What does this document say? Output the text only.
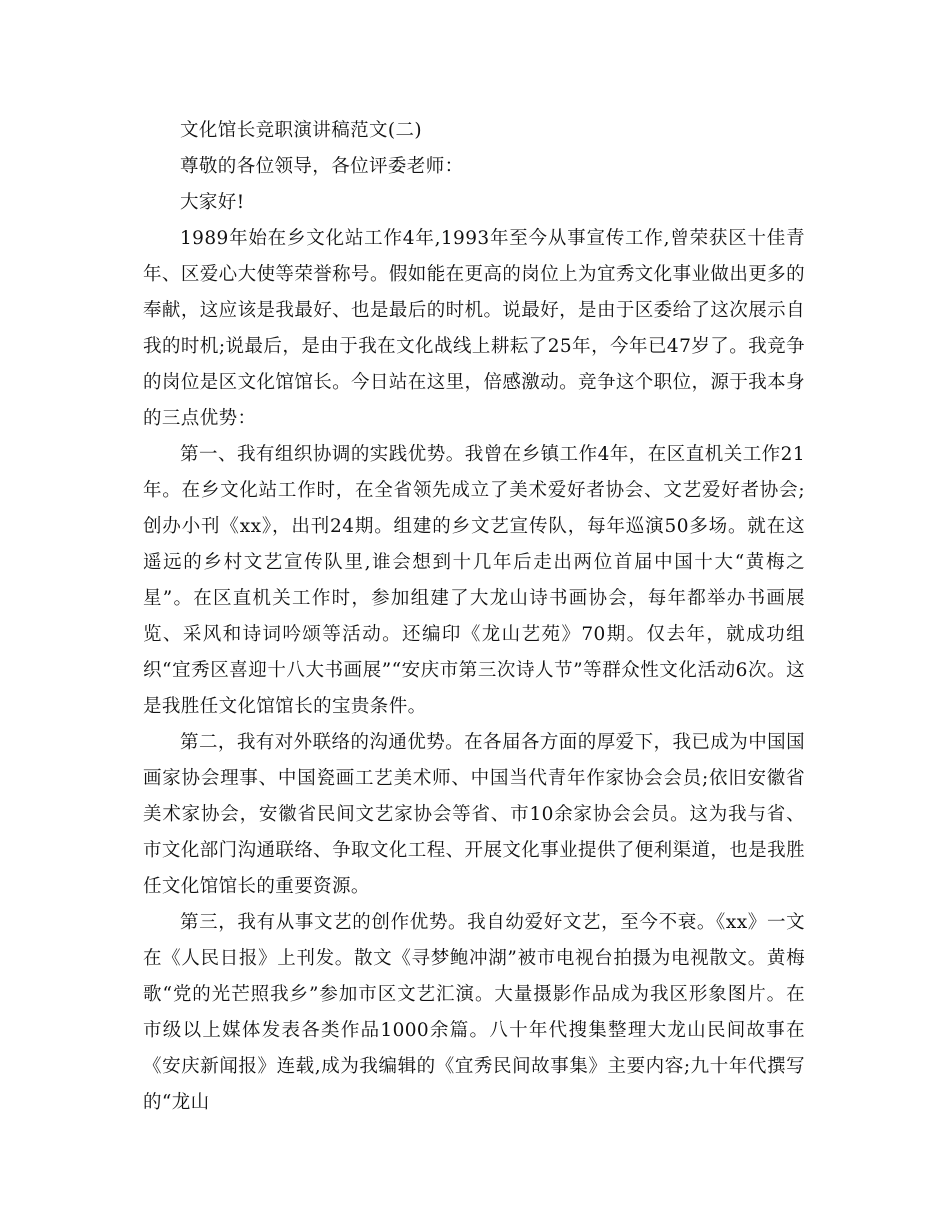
文化馆长竞职演讲稿范文(二)

尊敬的各位领导，各位评委老师：

大家好!

1989年始在乡文化站工作4年,1993年至今从事宣传工作,曾荣获区十佳青年、区爱心大使等荣誉称号。假如能在更高的岗位上为宜秀文化事业做出更多的奉献，这应该是我最好、也是最后的时机。说最好，是由于区委给了这次展示自我的时机;说最后，是由于我在文化战线上耕耘了25年，今年已47岁了。我竞争的岗位是区文化馆馆长。今日站在这里，倍感激动。竞争这个职位，源于我本身的三点优势：

第一、我有组织协调的实践优势。我曾在乡镇工作4年，在区直机关工作21年。在乡文化站工作时，在全省领先成立了美术爱好者协会、文艺爱好者协会;创办小刊《xx》，出刊24期。组建的乡文艺宣传队，每年巡演50多场。就在这遥远的乡村文艺宣传队里,谁会想到十几年后走出两位首届中国十大“黄梅之星”。在区直机关工作时，参加组建了大龙山诗书画协会，每年都举办书画展览、采风和诗词吟颂等活动。还编印《龙山艺苑》70期。仅去年，就成功组织“宜秀区喜迎十八大书画展”“安庆市第三次诗人节”等群众性文化活动6次。这是我胜任文化馆馆长的宝贵条件。

第二，我有对外联络的沟通优势。在各届各方面的厚爱下，我已成为中国国画家协会理事、中国瓷画工艺美术师、中国当代青年作家协会会员;依旧安徽省美术家协会，安徽省民间文艺家协会等省、市10余家协会会员。这为我与省、市文化部门沟通联络、争取文化工程、开展文化事业提供了便利渠道，也是我胜任文化馆馆长的重要资源。

第三，我有从事文艺的创作优势。我自幼爱好文艺，至今不衰。《xx》一文在《人民日报》上刊发。散文《寻梦鲍冲湖”被市电视台拍摄为电视散文。黄梅歌“党的光芒照我乡”参加市区文艺汇演。大量摄影作品成为我区形象图片。在市级以上媒体发表各类作品1000余篇。八十年代搜集整理大龙山民间故事在《安庆新闻报》连载,成为我编辑的《宜秀民间故事集》主要内容;九十年代撰写的“龙山
